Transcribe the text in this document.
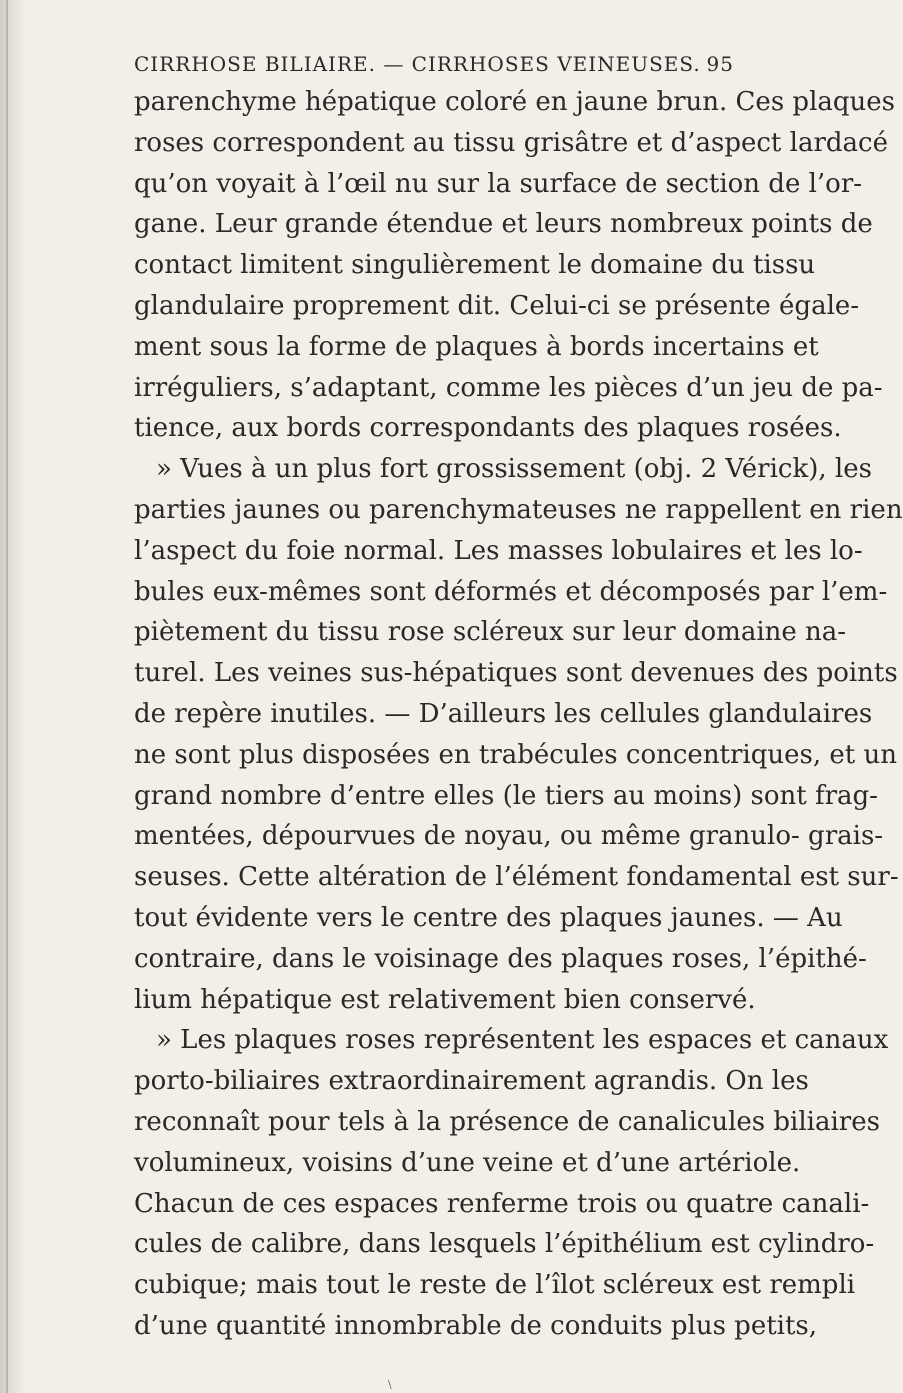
CIRRHOSE BILIAIRE. — CIRRHOSES VEINEUSES. 95
parenchyme hépatique coloré en jaune brun. Ces plaques
roses correspondent au tissu grisâtre et d’aspect lardacé
qu’on voyait à l’œil nu sur la surface de section de l’or-
gane. Leur grande étendue et leurs nombreux points de
contact limitent singulièrement le domaine du tissu
glandulaire proprement dit. Celui-ci se présente égale-
ment sous la forme de plaques à bords incertains et
irréguliers, s’adaptant, comme les pièces d’un jeu de pa-
tience, aux bords correspondants des plaques rosées.
» Vues à un plus fort grossissement (obj. 2 Vérick), les
parties jaunes ou parenchymateuses ne rappellent en rien
l’aspect du foie normal. Les masses lobulaires et les lo-
bules eux-mêmes sont déformés et décomposés par l’em-
piètement du tissu rose scléreux sur leur domaine na-
turel. Les veines sus-hépatiques sont devenues des points
de repère inutiles. — D’ailleurs les cellules glandulaires
ne sont plus disposées en trabécules concentriques, et un
grand nombre d’entre elles (le tiers au moins) sont frag-
mentées, dépourvues de noyau, ou même granulo- grais-
seuses. Cette altération de l’élément fondamental est sur-
tout évidente vers le centre des plaques jaunes. — Au
contraire, dans le voisinage des plaques roses, l’épithé-
lium hépatique est relativement bien conservé.
» Les plaques roses représentent les espaces et canaux
porto-biliaires extraordinairement agrandis. On les
reconnaît pour tels à la présence de canalicules biliaires
volumineux, voisins d’une veine et d’une artériole.
Chacun de ces espaces renferme trois ou quatre canali-
cules de calibre, dans lesquels l’épithélium est cylindro-
cubique; mais tout le reste de l’îlot scléreux est rempli
d’une quantité innombrable de conduits plus petits,
\
